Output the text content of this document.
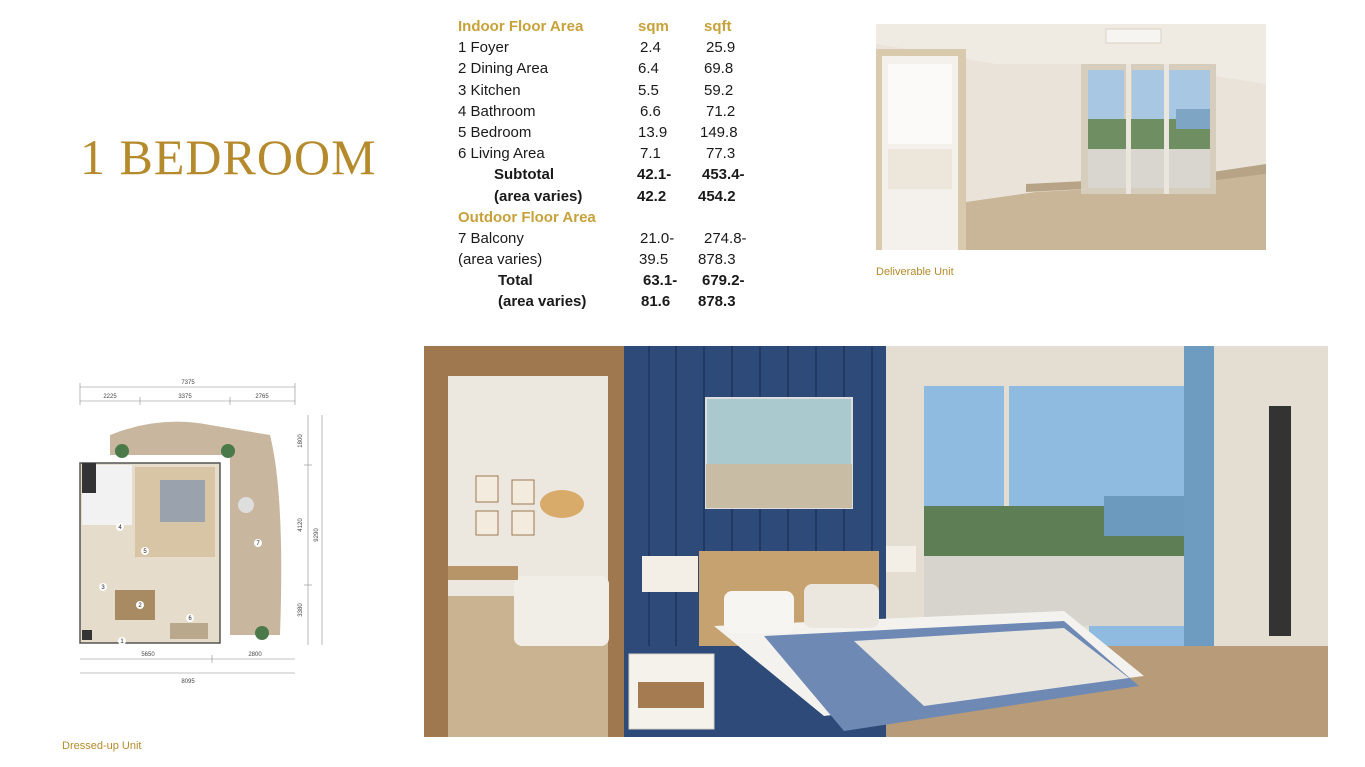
1 BEDROOM
Indoor Floor Area	sqm sqft
1 Foyer	2.4	25.9
2 Dining Area	6.4	69.8
3 Kitchen	5.5	59.2
4 Bathroom	6.6	71.2
5 Bedroom	13.9 149.8
6 Living Area	7.1	77.3
Subtotal	42.1- 453.4-
(area varies)	42.2 454.2
Outdoor Floor Area
7 Balcony	21.0- 274.8-
(area varies)	39.5 878.3
Total	63.1- 679.2-
(area varies)	81.6 878.3
Deliverable Unit
7375
2225	3375	2765
5650	2800
8095
1800
4120
3380
9290
1
2
3
4
5
6
7
Dressed-up Unit
